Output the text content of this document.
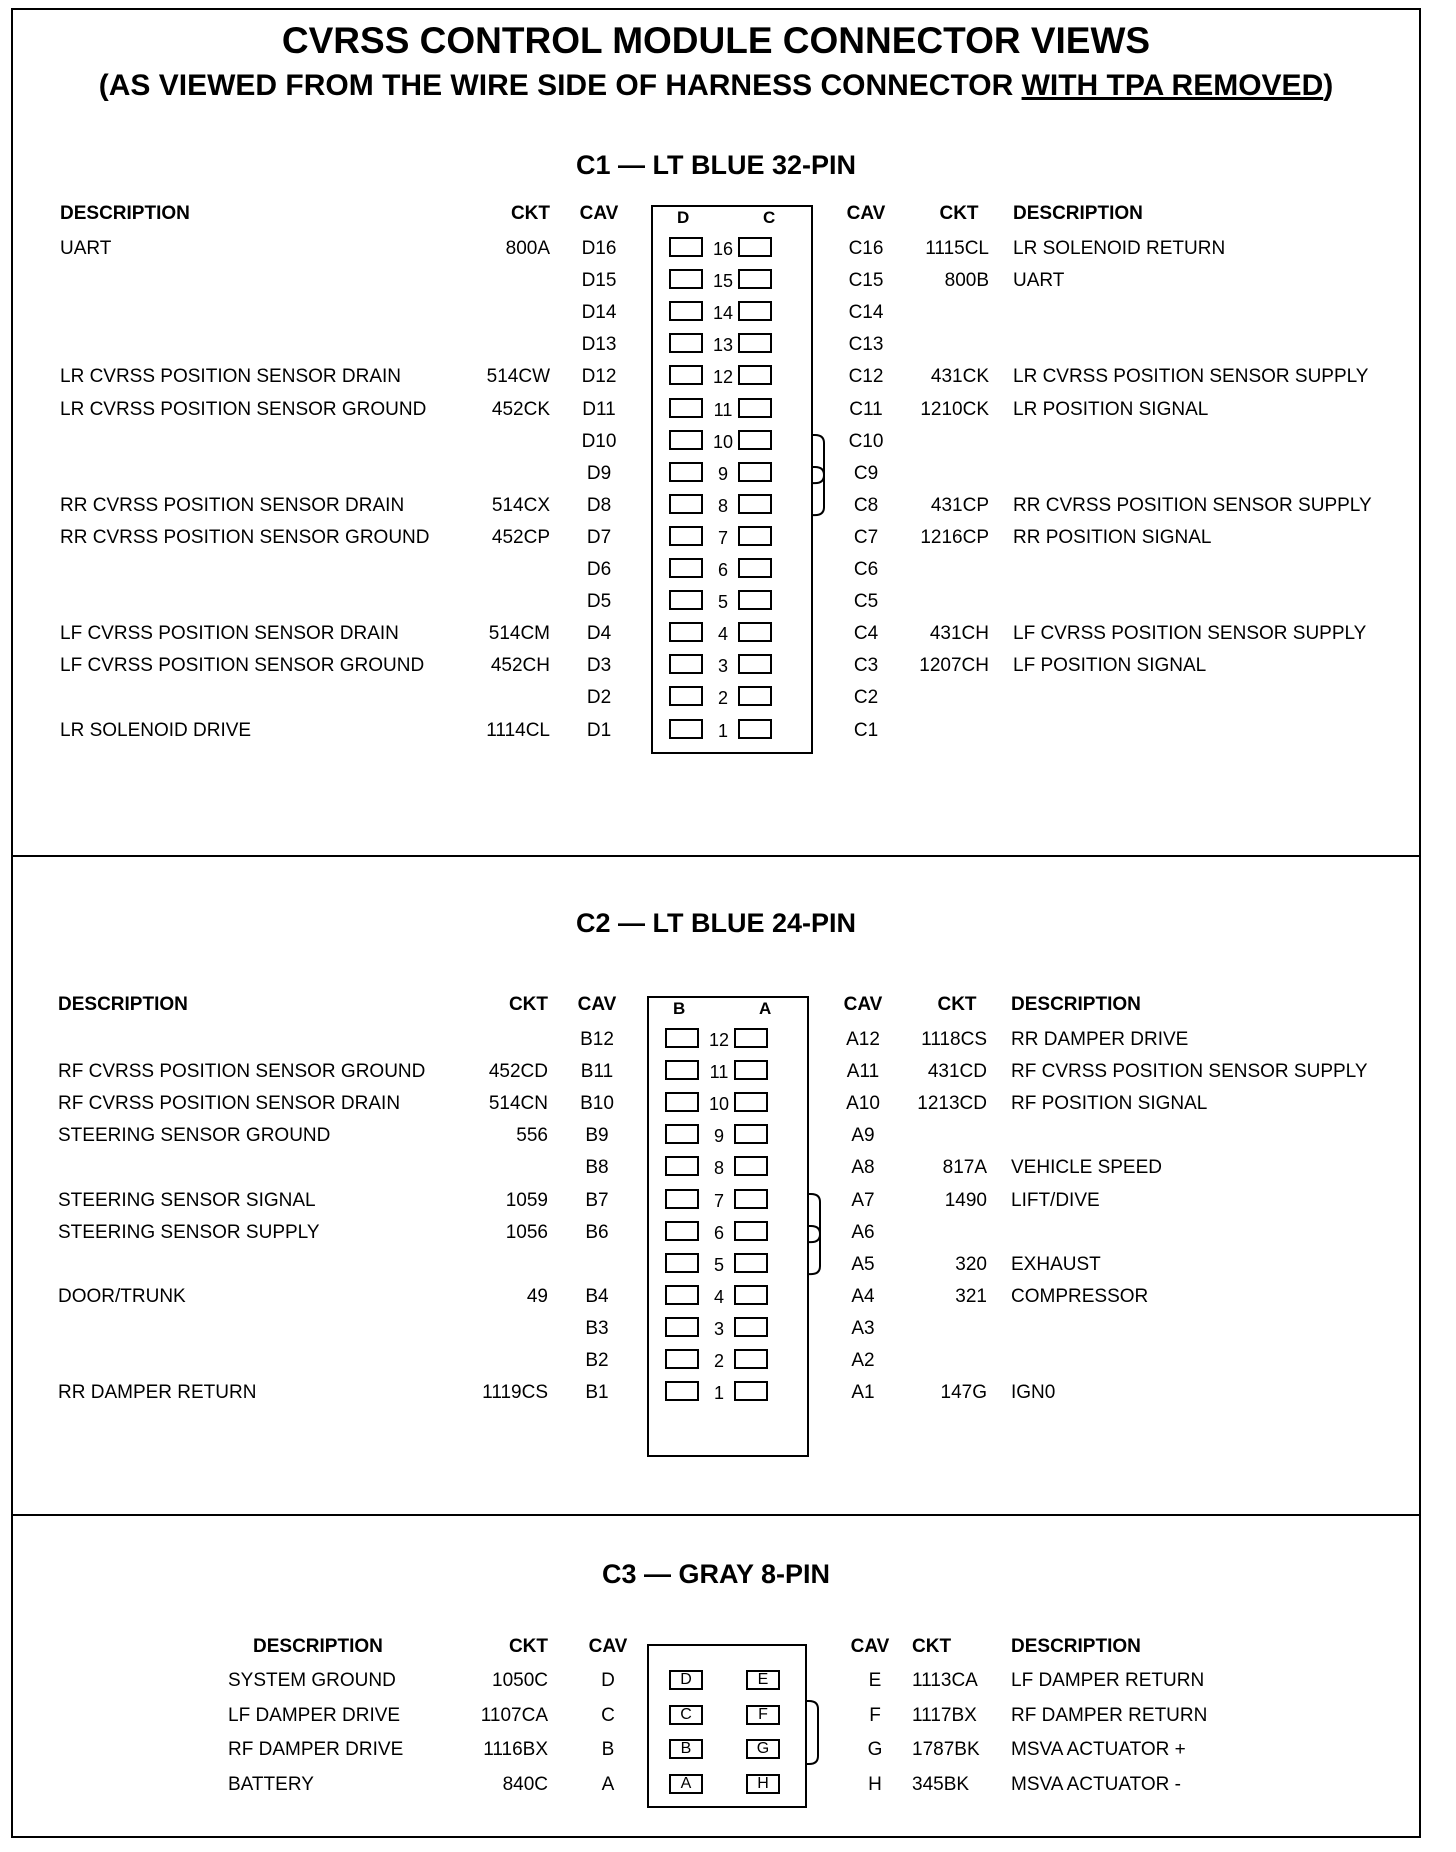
CVRSS CONTROL MODULE CONNECTOR VIEWS
(AS VIEWED FROM THE WIRE SIDE OF HARNESS CONNECTOR WITH TPA REMOVED)
C1 — LT BLUE 32-PIN
DESCRIPTION	CKT	CAV	CAV	CKT	DESCRIPTION
D	C
UART	800A	D16	C16	1115CL LR SOLENOID RETURN
16
D15	C15	800B UART
15
D14	C14
14
D13	C13
13
LR CVRSS POSITION SENSOR DRAIN	514CW	D12	C12	431CK LR CVRSS POSITION SENSOR SUPPLY
12
LR CVRSS POSITION SENSOR GROUND	452CK	D11	C11	1210CK LR POSITION SIGNAL
11
D10	C10
10
D9	C9
9
RR CVRSS POSITION SENSOR DRAIN	514CX	D8	C8	431CP RR CVRSS POSITION SENSOR SUPPLY
8
RR CVRSS POSITION SENSOR GROUND	452CP	D7	C7	1216CP RR POSITION SIGNAL
7
D6	C6
6
D5	C5
5
LF CVRSS POSITION SENSOR DRAIN	514CM	D4	C4	431CH LF CVRSS POSITION SENSOR SUPPLY
4
LF CVRSS POSITION SENSOR GROUND	452CH	D3	C3	1207CH LF POSITION SIGNAL
3
D2	C2
2
LR SOLENOID DRIVE	1114CL	D1	C1
1
C2 — LT BLUE 24-PIN
DESCRIPTION	CKT	CAV	CAV	CKT	DESCRIPTION
B	A
B12	A12	1118CS RR DAMPER DRIVE
12
RF CVRSS POSITION SENSOR GROUND	452CD	B11	A11	431CD RF CVRSS POSITION SENSOR SUPPLY
11
RF CVRSS POSITION SENSOR DRAIN	514CN	B10	A10	1213CD RF POSITION SIGNAL
10
STEERING SENSOR GROUND	556	B9	A9
9
B8	A8	817A VEHICLE SPEED
8
STEERING SENSOR SIGNAL	1059	B7	A7	1490 LIFT/DIVE
7
STEERING SENSOR SUPPLY	1056	B6	A6
6
A5	320 EXHAUST
5
DOOR/TRUNK	49	B4	A4	321 COMPRESSOR
4
B3	A3
3
B2	A2
2
RR DAMPER RETURN	1119CS	B1	A1	147G IGN0
1
C3 — GRAY 8-PIN
DESCRIPTION	CKT	CAV	CAV	CKT	DESCRIPTION
SYSTEM GROUND	1050C	D	D	E	E	1113CA LF DAMPER RETURN
LF DAMPER DRIVE	1107CA	C	C	F	F	1117BX RF DAMPER RETURN
RF DAMPER DRIVE	1116BX	B	B	G	G	1787BK MSVA ACTUATOR +
BATTERY	840C	A	A	H	H	345BK MSVA ACTUATOR -
